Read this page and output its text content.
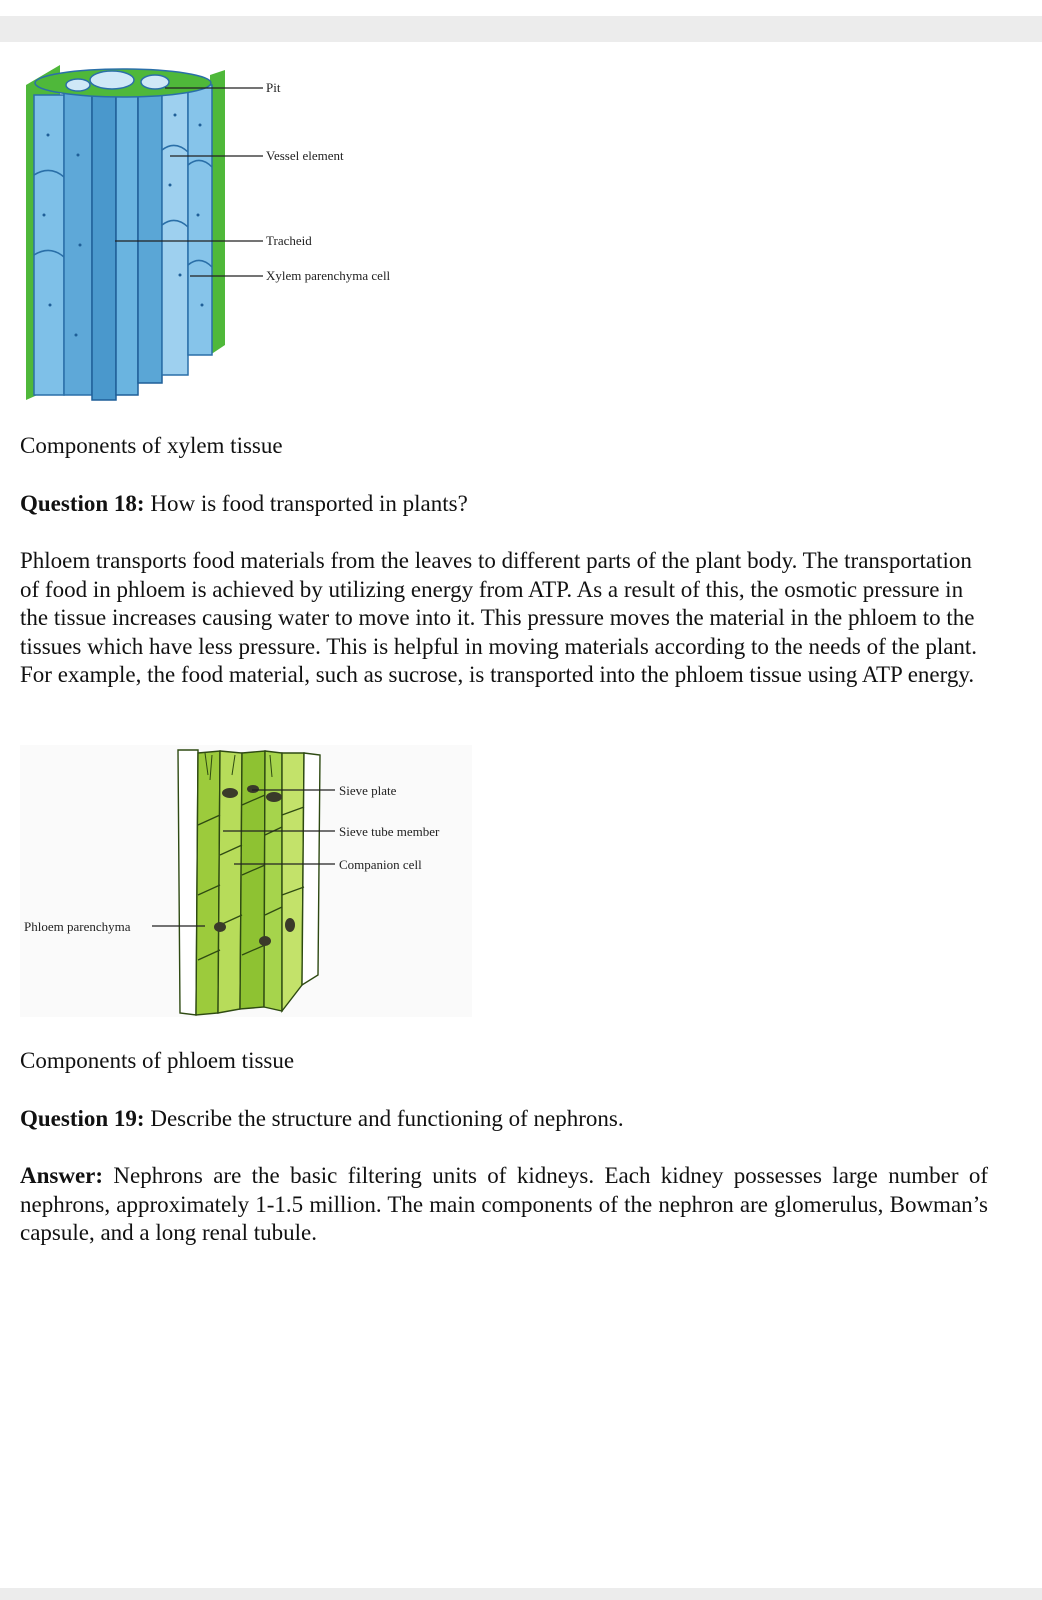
Pit
Vessel element
Tracheid
Xylem parenchyma cell

Components of xylem tissue

Question 18: How is food transported in plants?

Phloem transports food materials from the leaves to different parts of the plant body. The transportation of food in phloem is achieved by utilizing energy from ATP. As a result of this, the osmotic pressure in the tissue increases causing water to move into it. This pressure moves the material in the phloem to the tissues which have less pressure. This is helpful in moving materials according to the needs of the plant. For example, the food material, such as sucrose, is transported into the phloem tissue using ATP energy.

Sieve plate
Sieve tube member
Companion cell
Phloem parenchyma

Components of phloem tissue

Question 19: Describe the structure and functioning of nephrons.

Answer: Nephrons are the basic filtering units of kidneys. Each kidney possesses large number of nephrons, approximately 1-1.5 million. The main components of the nephron are glomerulus, Bowman’s capsule, and a long renal tubule.
